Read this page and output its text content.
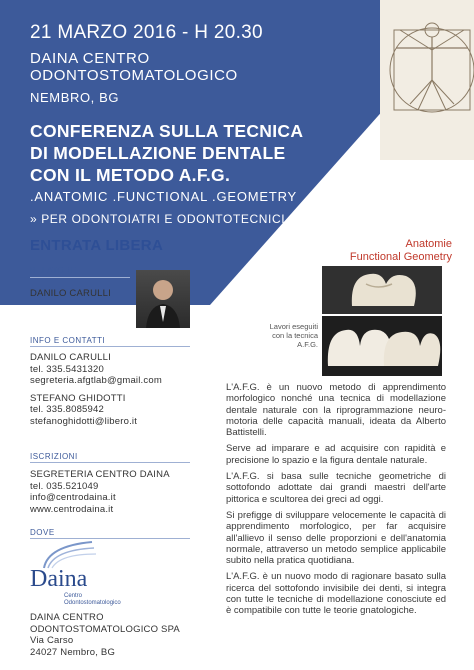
21 MARZO 2016 - H 20.30
DAINA CENTRO
ODONTOSTOMATOLOGICO
NEMBRO, BG
CONFERENZA SULLA TECNICA
DI MODELLAZIONE DENTALE
CON IL METODO A.F.G.
.ANATOMIC .FUNCTIONAL .GEOMETRY
» PER ODONTOIATRI E ODONTOTECNICI
ENTRATA LIBERA
RELATORE
DANILO CARULLI
INFO E CONTATTI
DANILO CARULLI
tel. 335.5431320
segreteria.afgtlab@gmail.com
STEFANO GHIDOTTI
tel. 335.8085942
stefanoghidotti@libero.it
ISCRIZIONI
SEGRETERIA CENTRO DAINA
tel. 035.521049
info@centrodaina.it
www.centrodaina.it
DOVE
Daina
Centro
Odontostomatologico
DAINA CENTRO
ODONTOSTOMATOLOGICO SPA
Via Carso
24027 Nembro, BG
Anatomie
Functional Geometry
Lavori eseguiti
con la tecnica
A.F.G.

L'A.F.G. è un nuovo metodo di apprendimento morfologico nonché una tecnica di modellazione dentale naturale con la riprogrammazione neuro-motoria delle capacità manuali, ideata da Alberto Battistelli.

Serve ad imparare e ad acquisire con rapidità e precisione lo spazio e la figura dentale naturale.

L'A.F.G. si basa sulle tecniche geometriche di sottofondo adottate dai grandi maestri dell'arte pittorica e scultorea dei greci ad oggi.

Si prefigge di sviluppare velocemente le capacità di apprendimento morfologico, per far acquisire all'allievo il senso delle proporzioni e dell'anatomia normale, attraverso un metodo semplice applicabile subito nella pratica quotidiana.

L'A.F.G. è un nuovo modo di ragionare basato sulla ricerca del sottofondo invisibile dei denti, si integra con tutte le tecniche di modellazione conosciute ed è compatibile con tutte le teorie gnatologiche.
